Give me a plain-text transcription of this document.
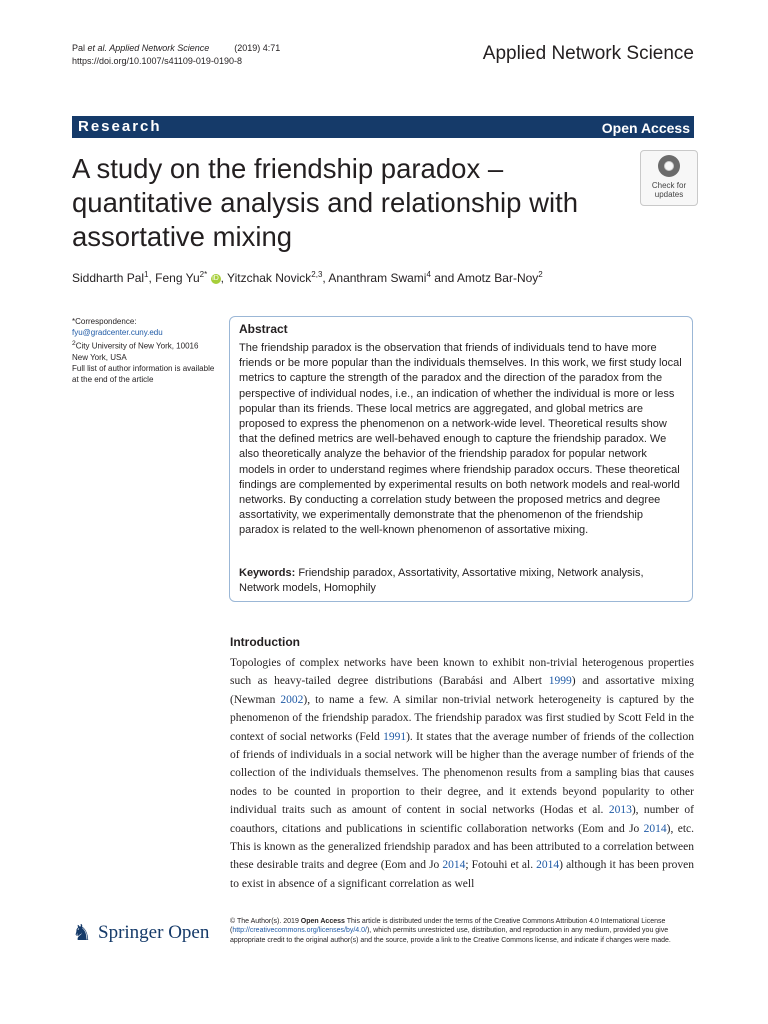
Pal et al. Applied Network Science	(2019) 4:71
https://doi.org/10.1007/s41109-019-0190-8	Applied Network Science
Research	Open Access
A study on the friendship paradox – quantitative analysis and relationship with assortative mixing
Check for
updates
Siddharth Pal$^1$, Feng $Yu^{2*}$ iD , Yitzchak Novick$^{2,3}$, Ananthram Swami$^4$ and Amotz Bar-Noy$^2$
*Correspondence:
fyu@gradcenter.cuny.edu
$^2$City University of New York, 10016
New York, USA
Full list of author information is available at the end of the article
Abstract
The friendship paradox is the observation that friends of individuals tend to have more friends or be more popular than the individuals themselves. In this work, we first study local metrics to capture the strength of the paradox and the direction of the paradox from the perspective of individual nodes, i.e., an indication of whether the individual is more or less popular than its friends. These local metrics are aggregated, and global metrics are proposed to express the phenomenon on a network-wide level. Theoretical results show that the defined metrics are well-behaved enough to capture the friendship paradox. We also theoretically analyze the behavior of the friendship paradox for popular network models in order to understand regimes where friendship paradox occurs. These theoretical findings are complemented by experimental results on both network models and real-world networks. By conducting a correlation study between the proposed metrics and degree assortativity, we experimentally demonstrate that the phenomenon of the friendship paradox is related to the well-known phenomenon of assortative mixing.
Keywords: Friendship paradox, Assortativity, Assortative mixing, Network analysis, Network models, Homophily
Introduction

Topologies of complex networks have been known to exhibit non-trivial heterogenous properties such as heavy-tailed degree distributions (Barabási and Albert 1999) and assortative mixing (Newman 2002), to name a few. A similar non-trivial network heterogeneity is captured by the phenomenon of the friendship paradox. The friendship paradox was first studied by Scott Feld in the context of social networks (Feld 1991). It states that the average number of friends of the collection of friends of individuals in a social network will be higher than the average number of friends of the collection of the individuals themselves. The phenomenon results from a sampling bias that causes nodes to be counted in proportion to their degree, and it extends beyond popularity to other individual traits such as amount of content in social networks (Hodas et al. 2013), number of coauthors, citations and publications in scientific collaboration networks (Eom and Jo 2014), etc. This is known as the generalized friendship paradox and has been attributed to a correlation between these desirable traits and degree (Eom and Jo 2014; Fotouhi et al. 2014) although it has been proven to exist in absence of a significant correlation as well

♞ Springer Open
© The Author(s). 2019 Open Access This article is distributed under the terms of the Creative Commons Attribution 4.0 International License (http://creativecommons.org/licenses/by/4.0/), which permits unrestricted use, distribution, and reproduction in any medium, provided you give appropriate credit to the original author(s) and the source, provide a link to the Creative Commons license, and indicate if changes were made.
